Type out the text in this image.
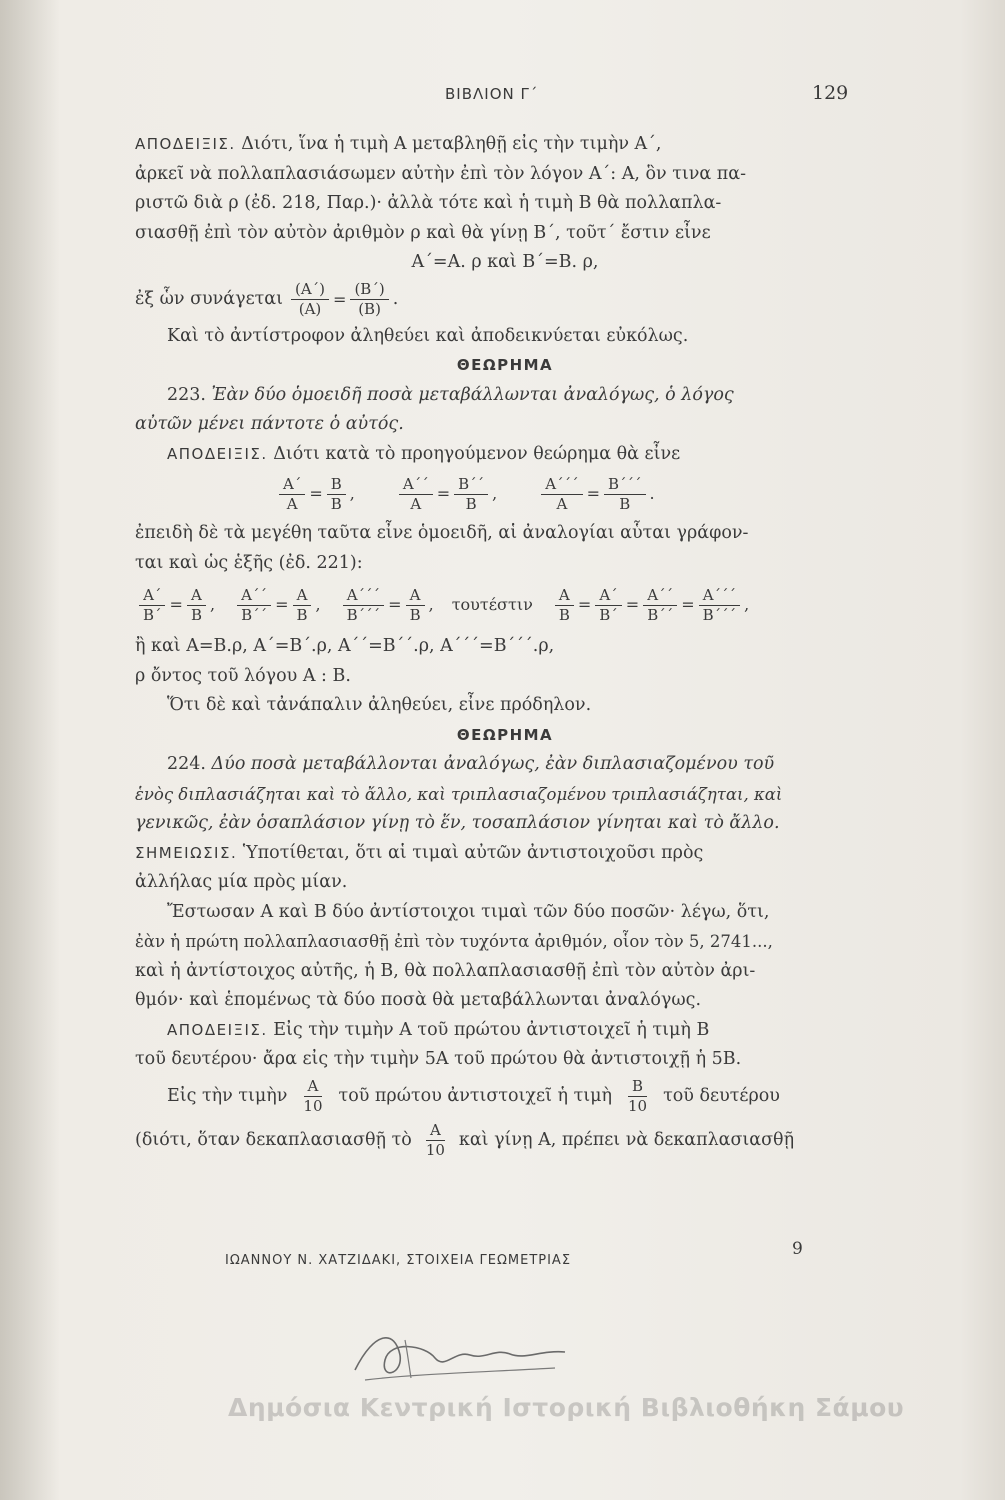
ΒΙΒΛΙΟΝ Γ΄	129
ΑΠΟΔΕΙΞΙΣ. Διότι, ἵνα ἡ τιμὴ Α μεταβληθῇ εἰς τὴν τιμὴν Α΄,
ἀρκεῖ νὰ πολλαπλασιάσωμεν αὐτὴν ἐπὶ τὸν λόγον Α΄: Α, ὃν τινα πα-
ριστῶ διὰ ρ (ἐδ. 218, Παρ.)· ἀλλὰ τότε καὶ ἡ τιμὴ Β θὰ πολλαπλα-
σιασθῇ ἐπὶ τὸν αὐτὸν ἀριθμὸν ρ καὶ θὰ γίνῃ Β΄, τοῦτ΄ ἔστιν εἶνε
Α΄=Α. ρ καὶ Β΄=Β. ρ,
ἐξ ὧν συνάγεται $\frac{(A΄)}{(A)} = \frac{(B΄)}{(B)}$ .
Καὶ τὸ ἀντίστροφον ἀληθεύει καὶ ἀποδεικνύεται εὐκόλως.
ΘΕΩΡΗΜΑ
223. Ἐὰν δύο ὁμοειδῆ ποσὰ μεταβάλλωνται ἀναλόγως, ὁ λόγος
αὐτῶν μένει πάντοτε ὁ αὐτός.
ΑΠΟΔΕΙΞΙΣ. Διότι κατὰ τὸ προηγούμενον θεώρημα θὰ εἶνε
$\frac{A΄}{A} = \frac{B}{B}$ ,	$\frac{A΄΄}{A} = \frac{B΄΄}{B}$ ,	$\frac{A΄΄΄}{A} = \frac{B΄΄΄}{B}$ .
ἐπειδὴ δὲ τὰ μεγέθη ταῦτα εἶνε ὁμοειδῆ, αἱ ἀναλογίαι αὗται γράφον-
ται καὶ ὡς ἑξῆς (ἐδ. 221):
$\frac{A΄}{B΄} = \frac{A}{B}$ , $\frac{A΄΄}{B΄΄} = \frac{A}{B}$ , $\frac{A΄΄΄}{B΄΄΄} = \frac{A}{B}$ , τουτέστιν $\frac{A}{B} = \frac{A΄}{B΄} = \frac{A΄΄}{B΄΄} = \frac{A΄΄΄}{B΄΄΄}$ ,
ἢ καὶ Α=Β.ρ, Α΄=Β΄.ρ, Α΄΄=Β΄΄.ρ, Α΄΄΄=Β΄΄΄.ρ,
ρ ὄντος τοῦ λόγου Α : Β.
Ὅτι δὲ καὶ τἀνάπαλιν ἀληθεύει, εἶνε πρόδηλον.
ΘΕΩΡΗΜΑ
224. Δύο ποσὰ μεταβάλλονται ἀναλόγως, ἐὰν διπλασιαζομένου τοῦ
ἑνὸς διπλασιάζηται καὶ τὸ ἄλλο, καὶ τριπλασιαζομένου τριπλασιάζηται, καὶ
γενικῶς, ἐὰν ὁσαπλάσιον γίνῃ τὸ ἕν, τοσαπλάσιον γίνηται καὶ τὸ ἄλλο.
ΣΗΜΕΙΩΣΙΣ. Ὑποτίθεται, ὅτι αἱ τιμαὶ αὐτῶν ἀντιστοιχοῦσι πρὸς
ἀλλήλας μία πρὸς μίαν.
Ἔστωσαν Α καὶ Β δύο ἀντίστοιχοι τιμαὶ τῶν δύο ποσῶν· λέγω, ὅτι,
ἐὰν ἡ πρώτη πολλαπλασιασθῇ ἐπὶ τὸν τυχόντα ἀριθμόν, οἷον τὸν 5, 2741...,
καὶ ἡ ἀντίστοιχος αὐτῆς, ἡ Β, θὰ πολλαπλασιασθῇ ἐπὶ τὸν αὐτὸν ἀρι-
θμόν· καὶ ἑπομένως τὰ δύο ποσὰ θὰ μεταβάλλωνται ἀναλόγως.
ΑΠΟΔΕΙΞΙΣ. Εἰς τὴν τιμὴν Α τοῦ πρώτου ἀντιστοιχεῖ ἡ τιμὴ Β
τοῦ δευτέρου· ἄρα εἰς τὴν τιμὴν 5Α τοῦ πρώτου θὰ ἀντιστοιχῇ ἡ 5Β.
Εἰς τὴν τιμὴν $\frac{A}{10}$ τοῦ πρώτου ἀντιστοιχεῖ ἡ τιμὴ $\frac{B}{10}$ τοῦ δευτέρου
(διότι, ὅταν δεκαπλασιασθῇ τὸ $\frac{A}{10}$ καὶ γίνῃ Α, πρέπει νὰ δεκαπλασιασθῇ
ΙΩΑΝΝΟΥ Ν. ΧΑΤΖΙΔΑΚΙ, ΣΤΟΙΧΕΙΑ ΓΕΩΜΕΤΡΙΑΣ
9
Δημόσια Κεντρική Ιστορική Βιβλιοθήκη Σάμου
